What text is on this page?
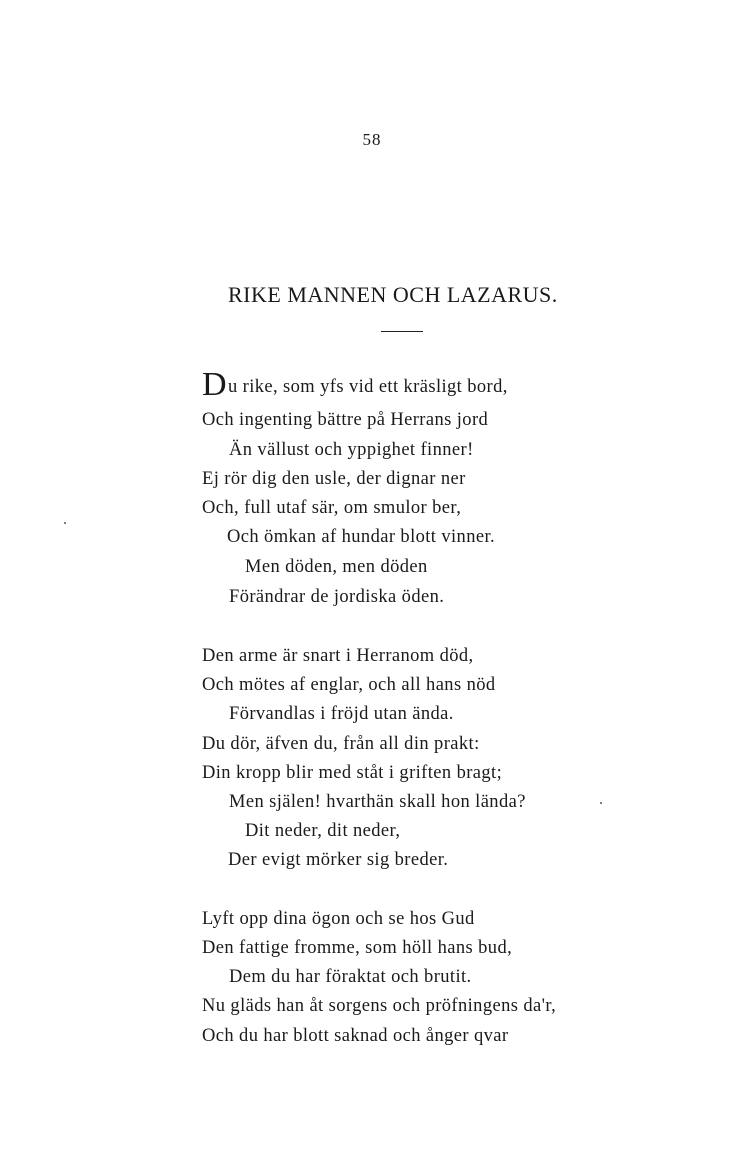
58
RIKE MANNEN OCH LAZARUS.
Du rike, som yfs vid ett kräsligt bord,
Och ingenting bättre på Herrans jord
Än vällust och yppighet finner!
Ej rör dig den usle, der dignar ner
Och, full utaf sär, om smulor ber,
Och ömkan af hundar blott vinner.
Men döden, men döden
Förändrar de jordiska öden.
Den arme är snart i Herranom död,
Och mötes af englar, och all hans nöd
Förvandlas i fröjd utan ända.
Du dör, äfven du, från all din prakt:
Din kropp blir med ståt i griften bragt;
Men själen! hvarthän skall hon lända?
Dit neder, dit neder,
Der evigt mörker sig breder.
Lyft opp dina ögon och se hos Gud
Den fattige fromme, som höll hans bud,
Dem du har föraktat och brutit.
Nu gläds han åt sorgens och pröfningens da'r,
Och du har blott saknad och ånger qvar
